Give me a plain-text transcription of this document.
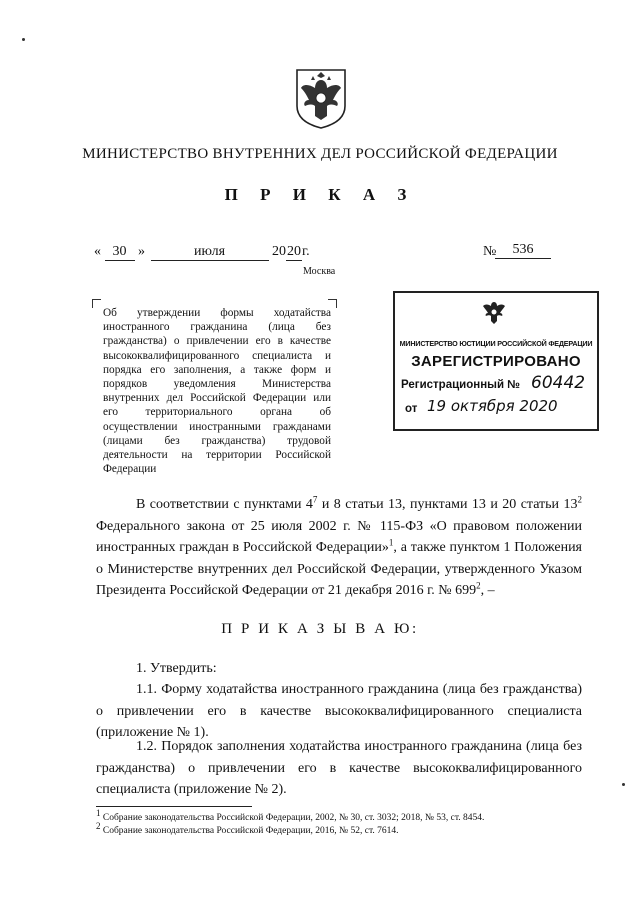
МИНИСТЕРСТВО ВНУТРЕННИХ ДЕЛ РОССИЙСКОЙ ФЕДЕРАЦИИ
П Р И К А З
« 30 »	июля	2020г.
Москва
№	536
Об утверждении формы ходатайства иностранного гражданина (лица без гражданства) о привлечении его в качестве высококвалифицированного специалиста и порядка его заполнения, а также форм и порядков уведомления Министерства внутренних дел Российской Федерации или его территориального органа об осуществлении иностранными гражданами (лицами без гражданства) трудовой деятельности на территории Российской Федерации
МИНИСТЕРСТВО ЮСТИЦИИ РОССИЙСКОЙ ФЕДЕРАЦИИ
ЗАРЕГИСТРИРОВАНО
Регистрационный № 60442
от 19 октября 2020
В соответствии с пунктами $4^7$ и 8 статьи 13, пунктами 13 и 20 статьи $13^2$ Федерального закона от 25 июля 2002 г. № 115-ФЗ «О правовом положении иностранных граждан в Российской Федерации»$^1$, а также пунктом 1 Положения о Министерстве внутренних дел Российской Федерации, утвержденного Указом Президента Российской Федерации от 21 декабря 2016 г. № $699^2$, –
П Р И К А З Ы В А Ю:
1. Утвердить:
1.1. Форму ходатайства иностранного гражданина (лица без гражданства) о привлечении его в качестве высококвалифицированного специалиста (приложение № 1).
1.2. Порядок заполнения ходатайства иностранного гражданина (лица без гражданства) о привлечении его в качестве высококвалифицированного специалиста (приложение № 2).
$^1$ Собрание законодательства Российской Федерации, 2002, № 30, ст. 3032; 2018, № 53, ст. 8454.
$^2$ Собрание законодательства Российской Федерации, 2016, № 52, ст. 7614.
